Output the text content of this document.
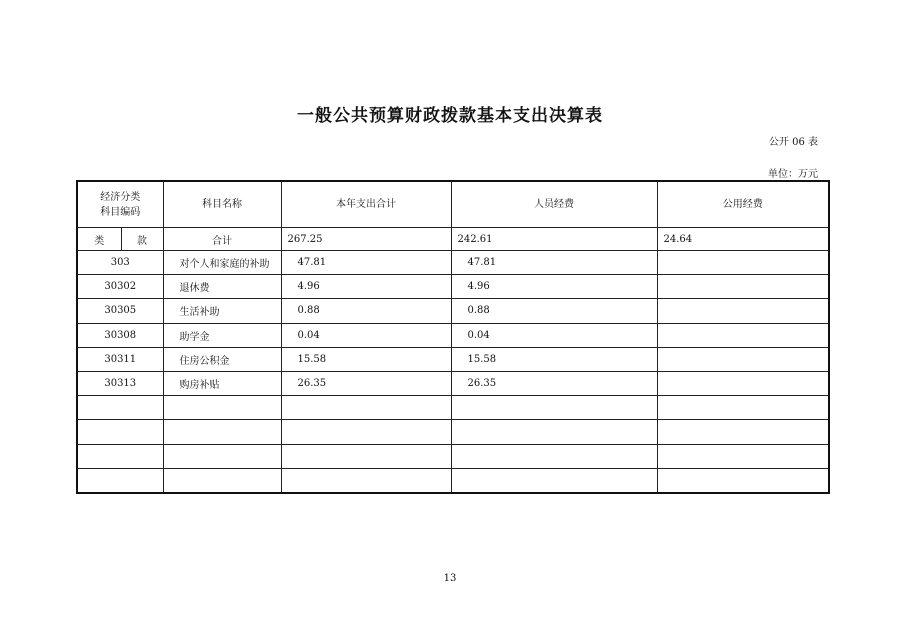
一般公共预算财政拨款基本支出决算表
公开 06 表
单位：万元
经济分类
科目编码		科目名称	本年支出合计	人员经费	公用经费
类	款	合计	267.25	242.61	24.64
303		对个人和家庭的补助	47.81	47.81	
30302		退休费	4.96	4.96	
30305		生活补助	0.88	0.88	
30308		助学金	0.04	0.04	
30311		住房公积金	15.58	15.58	
30313		购房补贴	26.35	26.35	

13
